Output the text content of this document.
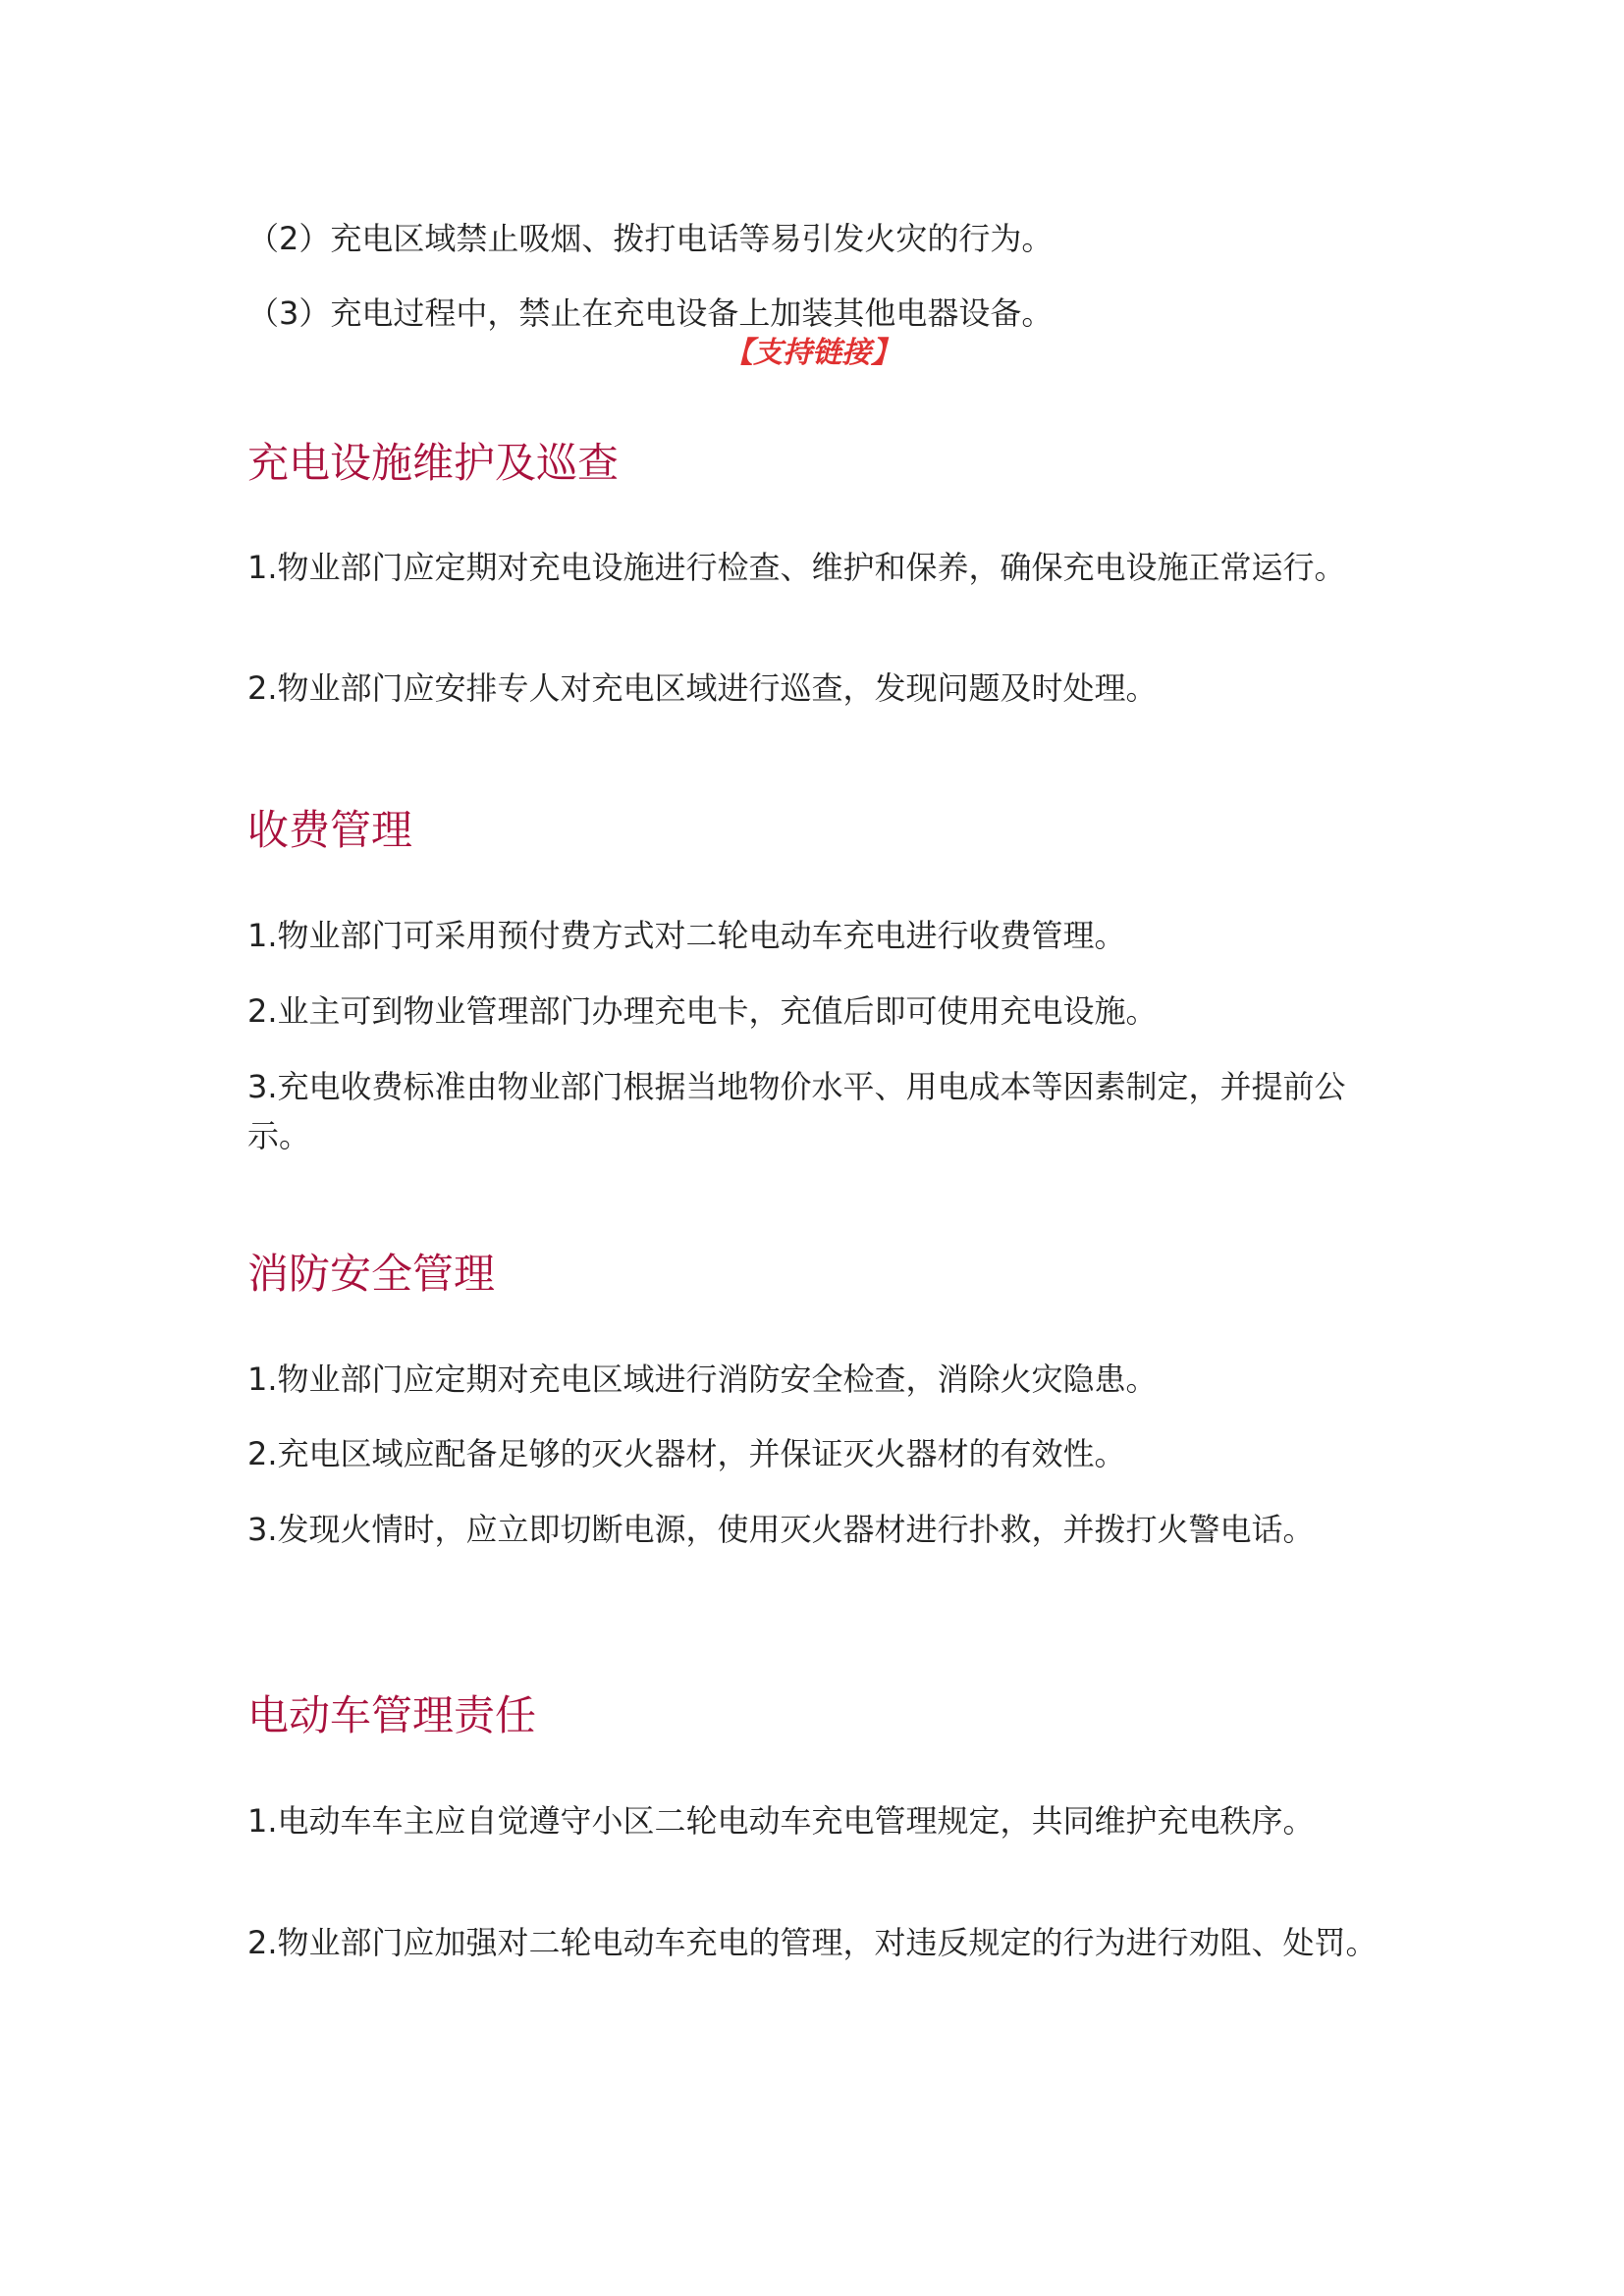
（2）充电区域禁止吸烟、拨打电话等易引发火灾的行为。

（3）充电过程中，禁止在充电设备上加装其他电器设备。

【支持链接】
充电设施维护及巡查

1.物业部门应定期对充电设施进行检查、维护和保养，确保充电设施正常运行。

2.物业部门应安排专人对充电区域进行巡查，发现问题及时处理。

收费管理

1.物业部门可采用预付费方式对二轮电动车充电进行收费管理。

2.业主可到物业管理部门办理充电卡，充值后即可使用充电设施。

3.充电收费标准由物业部门根据当地物价水平、用电成本等因素制定，并提前公示。

消防安全管理

1.物业部门应定期对充电区域进行消防安全检查，消除火灾隐患。

2.充电区域应配备足够的灭火器材，并保证灭火器材的有效性。

3.发现火情时，应立即切断电源，使用灭火器材进行扑救，并拨打火警电话。

电动车管理责任

1.电动车车主应自觉遵守小区二轮电动车充电管理规定，共同维护充电秩序。

2.物业部门应加强对二轮电动车充电的管理，对违反规定的行为进行劝阻、处罚。
